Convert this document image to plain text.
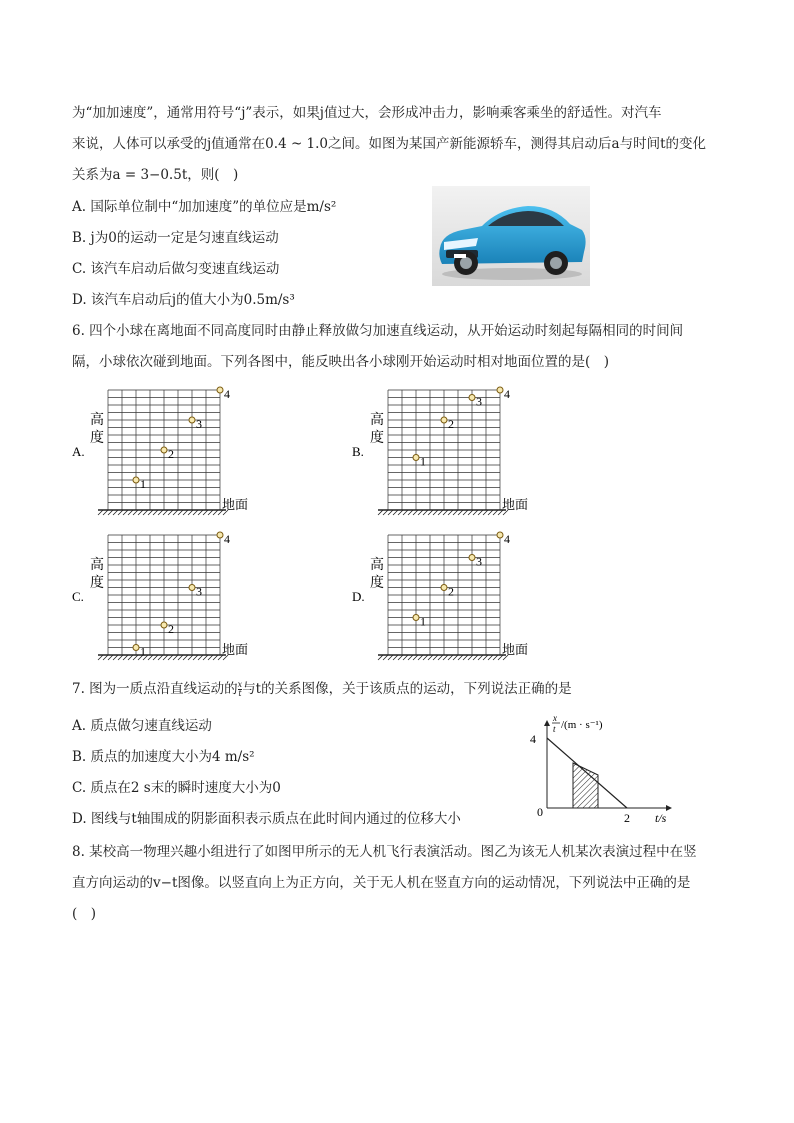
为“加加速度”，通常用符号“j”表示，如果j值过大，会形成冲击力，影响乘客乘坐的舒适性。对汽车
来说，人体可以承受的j值通常在0.4 ~ 1.0之间。如图为某国产新能源轿车，测得其启动后a与时间t的变化
关系为a = 3−0.5t，则(　)
A. 国际单位制中“加加速度”的单位应是m/s²
B. j为0的运动一定是匀速直线运动
C. 该汽车启动后做匀变速直线运动
D. 该汽车启动后j的值大小为0.5m/s³
6. 四个小球在离地面不同高度同时由静止释放做匀加速直线运动，从开始运动时刻起每隔相同的时间间
隔，小球依次碰到地面。下列各图中，能反映出各小球刚开始运动时相对地面位置的是(　)
A.
高
度
地面
1
2
3
4
B.
高
度
地面
1
2
3
4
C.
高
度
地面
1
2
3
4
D.
高
度
地面
1
2
3
4
7. 图为一质点沿直线运动的 $\frac{x}{t}$ 与t的关系图像，关于该质点的运动，下列说法正确的是
A. 质点做匀速直线运动
B. 质点的加速度大小为4 m/s²
C. 质点在2 s末的瞬时速度大小为0
D. 图线与t轴围成的阴影面积表示质点在此时间内通过的位移大小
4
0	2 t/s
x
t /(m · s⁻¹)
8. 某校高一物理兴趣小组进行了如图甲所示的无人机飞行表演活动。图乙为该无人机某次表演过程中在竖
直方向运动的v−t图像。以竖直向上为正方向，关于无人机在竖直方向的运动情况，下列说法中正确的是
(　)
